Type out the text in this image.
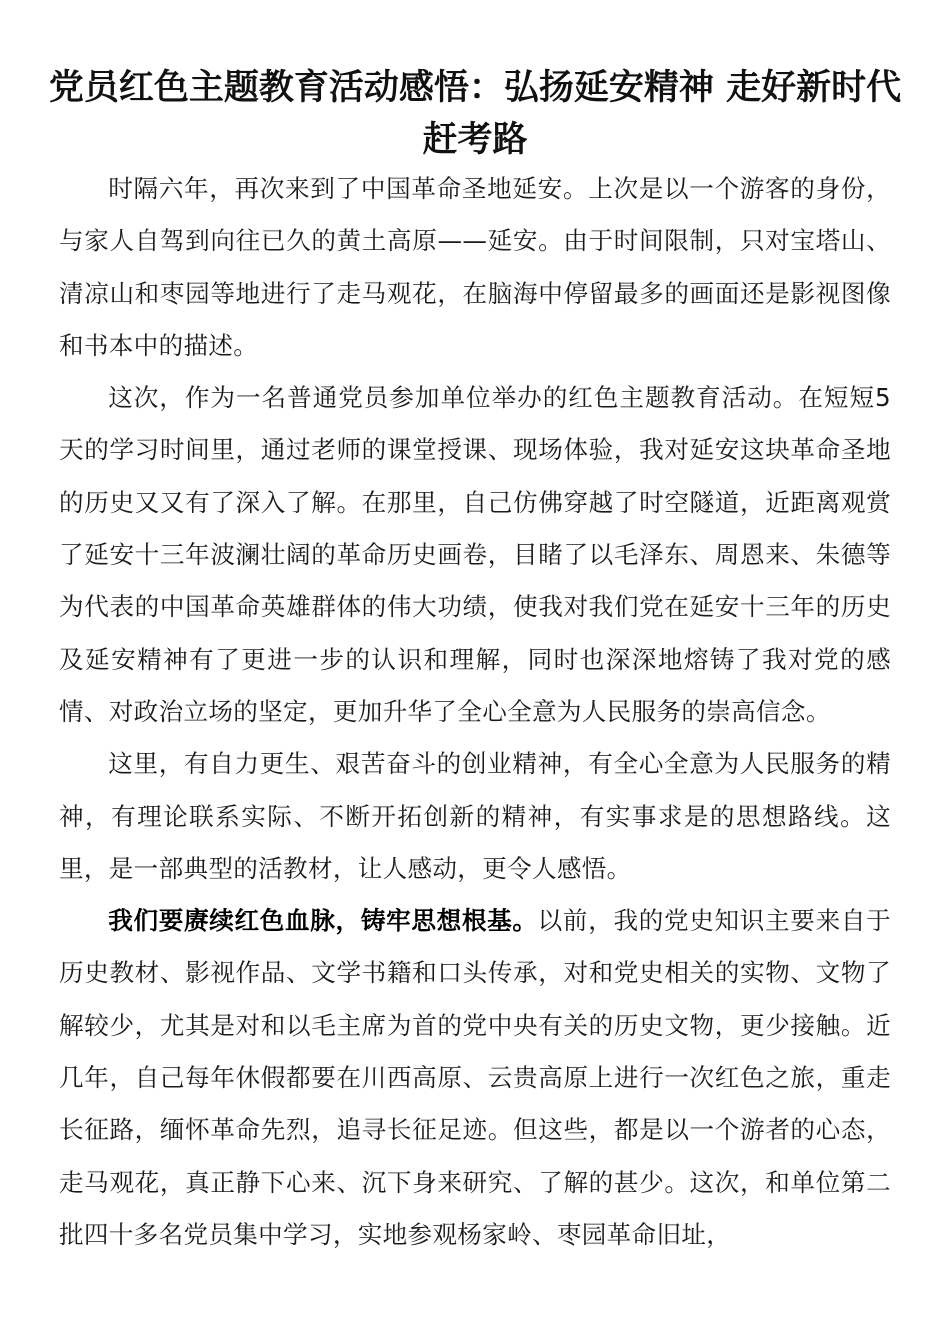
党员红色主题教育活动感悟：弘扬延安精神 走好新时代赶考路

时隔六年，再次来到了中国革命圣地延安。上次是以一个游客的身份，与家人自驾到向往已久的黄土高原——延安。由于时间限制，只对宝塔山、清凉山和枣园等地进行了走马观花，在脑海中停留最多的画面还是影视图像和书本中的描述。

这次，作为一名普通党员参加单位举办的红色主题教育活动。在短短5天的学习时间里，通过老师的课堂授课、现场体验，我对延安这块革命圣地的历史又又有了深入了解。在那里，自己仿佛穿越了时空隧道，近距离观赏了延安十三年波澜壮阔的革命历史画卷，目睹了以毛泽东、周恩来、朱德等为代表的中国革命英雄群体的伟大功绩，使我对我们党在延安十三年的历史及延安精神有了更进一步的认识和理解，同时也深深地熔铸了我对党的感情、对政治立场的坚定，更加升华了全心全意为人民服务的崇高信念。

这里，有自力更生、艰苦奋斗的创业精神，有全心全意为人民服务的精神，有理论联系实际、不断开拓创新的精神，有实事求是的思想路线。这里，是一部典型的活教材，让人感动，更令人感悟。

我们要赓续红色血脉，铸牢思想根基。以前，我的党史知识主要来自于历史教材、影视作品、文学书籍和口头传承，对和党史相关的实物、文物了解较少，尤其是对和以毛主席为首的党中央有关的历史文物，更少接触。近几年，自己每年休假都要在川西高原、云贵高原上进行一次红色之旅，重走长征路，缅怀革命先烈，追寻长征足迹。但这些，都是以一个游者的心态，走马观花，真正静下心来、沉下身来研究、了解的甚少。这次，和单位第二批四十多名党员集中学习，实地参观杨家岭、枣园革命旧址，
